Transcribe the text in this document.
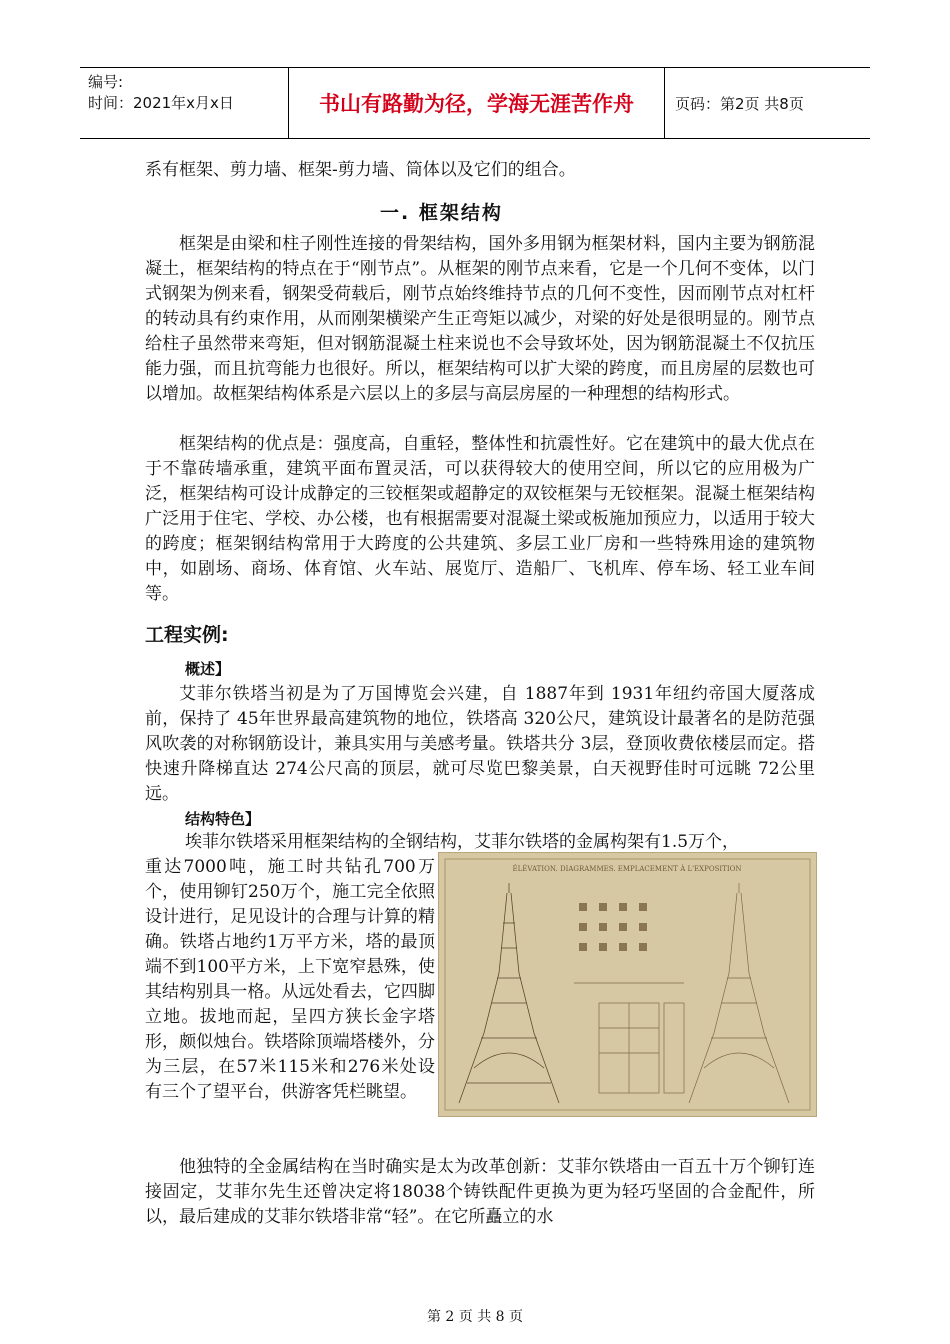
编号:
时间：2021年x月x日	书山有路勤为径，学海无涯苦作舟	页码：第2页 共8页

系有框架、剪力墙、框架-剪力墙、筒体以及它们的组合。

一. 框架结构

框架是由梁和柱子刚性连接的骨架结构，国外多用钢为框架材料，国内主要为钢筋混凝土，框架结构的特点在于“刚节点”。从框架的刚节点来看，它是一个几何不变体，以门式钢架为例来看，钢架受荷载后，刚节点始终维持节点的几何不变性，因而刚节点对杠杆的转动具有约束作用，从而刚架横梁产生正弯矩以减少，对梁的好处是很明显的。刚节点给柱子虽然带来弯矩，但对钢筋混凝土柱来说也不会导致坏处，因为钢筋混凝土不仅抗压能力强，而且抗弯能力也很好。所以，框架结构可以扩大梁的跨度，而且房屋的层数也可以增加。故框架结构体系是六层以上的多层与高层房屋的一种理想的结构形式。

框架结构的优点是：强度高，自重轻，整体性和抗震性好。它在建筑中的最大优点在于不靠砖墙承重，建筑平面布置灵活，可以获得较大的使用空间，所以它的应用极为广泛，框架结构可设计成静定的三铰框架或超静定的双铰框架与无铰框架。混凝土框架结构广泛用于住宅、学校、办公楼，也有根据需要对混凝土梁或板施加预应力，以适用于较大的跨度；框架钢结构常用于大跨度的公共建筑、多层工业厂房和一些特殊用途的建筑物中，如剧场、商场、体育馆、火车站、展览厅、造船厂、飞机库、停车场、轻工业车间等。

工程实例:
概述】

艾菲尔铁塔当初是为了万国博览会兴建，自 1887年到 1931年纽约帝国大厦落成前，保持了 45年世界最高建筑物的地位，铁塔高 320公尺，建筑设计最著名的是防范强风吹袭的对称钢筋设计，兼具实用与美感考量。铁塔共分 3层，登顶收费依楼层而定。搭快速升降梯直达 274公尺高的顶层，就可尽览巴黎美景，白天视野佳时可远眺 72公里远。

结构特色】

埃菲尔铁塔采用框架结构的全钢结构，艾菲尔铁塔的金属构架有1.5万个，

重达7000吨，施工时共钻孔700万个，使用铆钉250万个，施工完全依照设计进行，足见设计的合理与计算的精确。铁塔占地约1万平方米，塔的最顶端不到100平方米，上下宽窄悬殊，使其结构别具一格。从远处看去，它四脚立地。拔地而起，呈四方狭长金字塔形，颇似烛台。铁塔除顶端塔楼外，分为三层，在57米115米和276米处设有三个了望平台，供游客凭栏眺望。

ÉLÉVATION. DIAGRAMMES. EMPLACEMENT À L'EXPOSITION

他独特的全金属结构在当时确实是太为改革创新：艾菲尔铁塔由一百五十万个铆钉连接固定，艾菲尔先生还曾决定将18038个铸铁配件更换为更为轻巧坚固的合金配件，所以，最后建成的艾菲尔铁塔非常“轻”。在它所矗立的水

第 2 页 共 8 页
